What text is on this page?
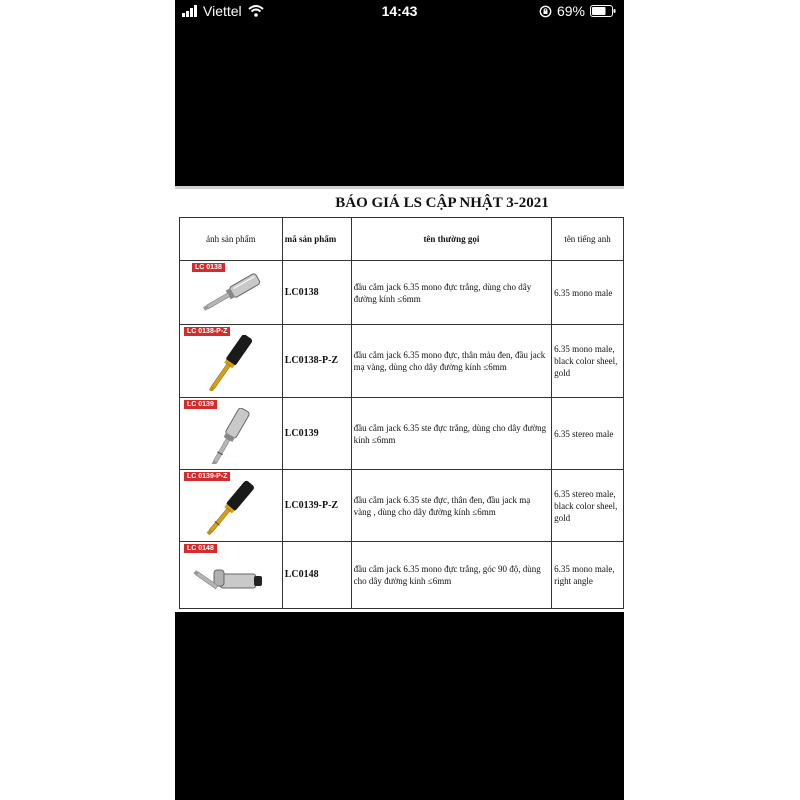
Viettel	14:43	69%
BÁO GIÁ LS CẬP NHẬT 3-2021
ảnh sản phẩm	mã sản phẩm	tên thường gọi	tên tiếng anh

LC 0138	LC0138	đầu cắm jack 6.35 mono đực trắng, dùng cho dây đường kính ≤6mm	6.35 mono male

LC 0138-P-Z	LC0138-P-Z	đầu cắm jack 6.35 mono đực, thân màu đen, đầu jack mạ vàng, dùng cho dây đường kính ≤6mm	6.35 mono male, black color sheel, gold

LC 0139	LC0139	đầu cắm jack 6.35 ste đực trắng, dùng cho dây đường kính ≤6mm	6.35 stereo male

LC 0139-P-Z	LC0139-P-Z	đầu cắm jack 6.35 ste đực, thân đen, đầu jack mạ vàng , dùng cho dây đường kính ≤6mm	6.35 stereo male, black color sheel, gold

LC 0148	LC0148	đầu cắm jack 6.35 mono đực trắng, góc 90 độ, dùng cho dây đường kính ≤6mm	6.35 mono male, right angle
